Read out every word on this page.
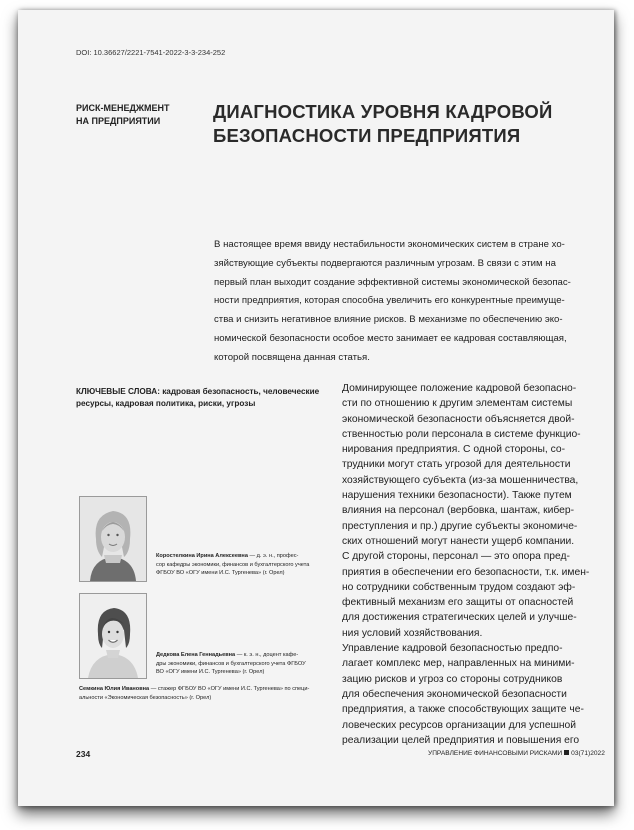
DOI: 10.36627/2221-7541-2022-3-3-234-252
РИСК-МЕНЕДЖМЕНТ
НА ПРЕДПРИЯТИИ	ДИАГНОСТИКА УРОВНЯ КАДРОВОЙ
БЕЗОПАСНОСТИ ПРЕДПРИЯТИЯ
В настоящее время ввиду нестабильности экономических систем в стране хо-
зяйствующие субъекты подвергаются различным угрозам. В связи с этим на
первый план выходит создание эффективной системы экономической безопас-
ности предприятия, которая способна увеличить его конкурентные преимуще-
ства и снизить негативное влияние рисков. В механизме по обеспечению эко-
номической безопасности особое место занимает ее кадровая составляющая,
которой посвящена данная статья.
КЛЮЧЕВЫЕ СЛОВА: кадровая безопасность, человеческие
ресурсы, кадровая политика, риски, угрозы
Доминирующее положение кадровой безопасно-
сти по отношению к другим элементам системы
экономической безопасности объясняется двой-
ственностью роли персонала в системе функцио-
нирования предприятия. С одной стороны, со-
трудники могут стать угрозой для деятельности
хозяйствующего субъекта (из-за мошенничества,
нарушения техники безопасности). Также путем
влияния на персонал (вербовка, шантаж, кибер-
преступления и пр.) другие субъекты экономиче-
ских отношений могут нанести ущерб компании.
С другой стороны, персонал — это опора пред-
приятия в обеспечении его безопасности, т.к. имен-
но сотрудники собственным трудом создают эф-
фективный механизм его защиты от опасностей
для достижения стратегических целей и улучше-
ния условий хозяйствования.
Управление кадровой безопасностью предпо-
лагает комплекс мер, направленных на миними-
зацию рисков и угроз со стороны сотрудников
для обеспечения экономической безопасности
предприятия, а также способствующих защите че-
ловеческих ресурсов организации для успешной
реализации целей предприятия и повышения его
Коростелкина Ирина Алексеевна — д. э. н., профес-
сор кафедры экономики, финансов и бухгалтерского учета
ФГБОУ ВО «ОГУ имени И.С. Тургенева» (г. Орел)
Дедкова Елена Геннадьевна — к. э. н., доцент кафе-
дры экономики, финансов и бухгалтерского учета ФГБОУ
ВО «ОГУ имени И.С. Тургенева» (г. Орел)
Семкина Юлия Ивановна — стажер ФГБОУ ВО «ОГУ имени И.С. Тургенева» по специ-
альности «Экономическая безопасность» (г. Орел)
234	УПРАВЛЕНИЕ ФИНАНСОВЫМИ РИСКАМИ 03(71)2022
